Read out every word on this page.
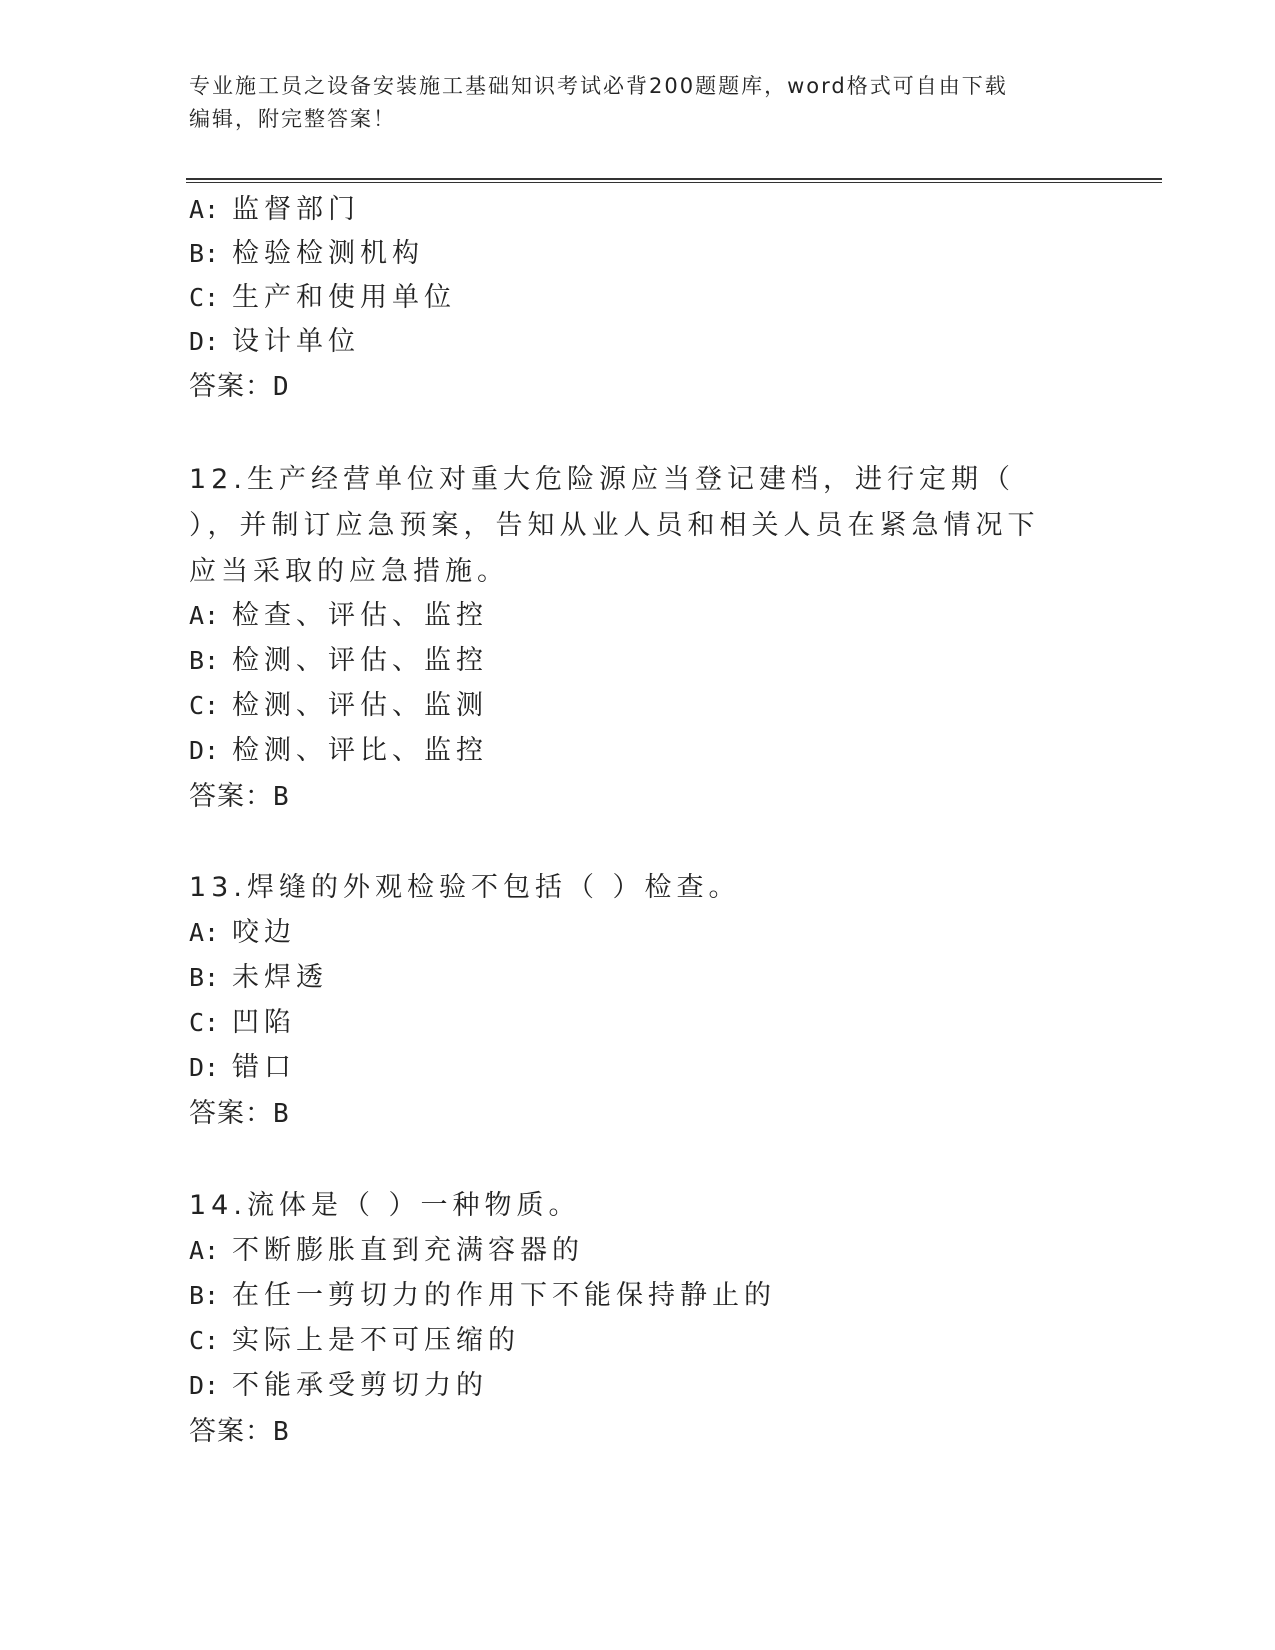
专业施工员之设备安装施工基础知识考试必背200题题库，word格式可自由下载
编辑，附完整答案！
A: 监督部门
B: 检验检测机构
C: 生产和使用单位
D: 设计单位
答案：D
12.生产经营单位对重大危险源应当登记建档，进行定期（ ），并制订应急预案，告知从业人员和相关人员在紧急情况下应当采取的应急措施。
A: 检查、评估、监控
B: 检测、评估、监控
C: 检测、评估、监测
D: 检测、评比、监控
答案：B
13.焊缝的外观检验不包括（ ）检查。
A: 咬边
B: 未焊透
C: 凹陷
D: 错口
答案：B
14.流体是（ ）一种物质。
A: 不断膨胀直到充满容器的
B: 在任一剪切力的作用下不能保持静止的
C: 实际上是不可压缩的
D: 不能承受剪切力的
答案：B
